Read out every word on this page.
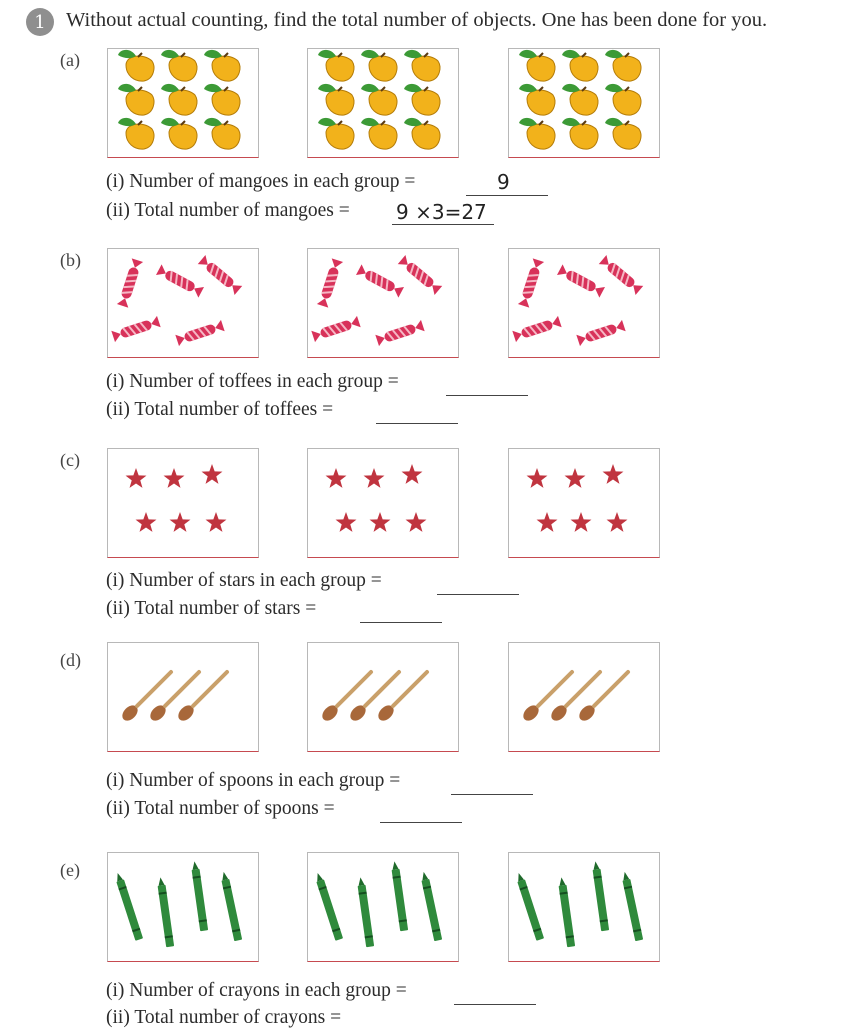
1 Without actual counting, find the total number of objects. One has been done for you.
(a)
(i) Number of mangoes in each group =	9
(ii) Total number of mangoes = 9 ⨯3=27
(b)
(i) Number of toffees in each group =
(ii) Total number of toffees =
(c)
(i) Number of stars in each group =
(ii) Total number of stars =
(d)
(i) Number of spoons in each group =
(ii) Total number of spoons =
(e)
(i) Number of crayons in each group =
(ii) Total number of crayons =
